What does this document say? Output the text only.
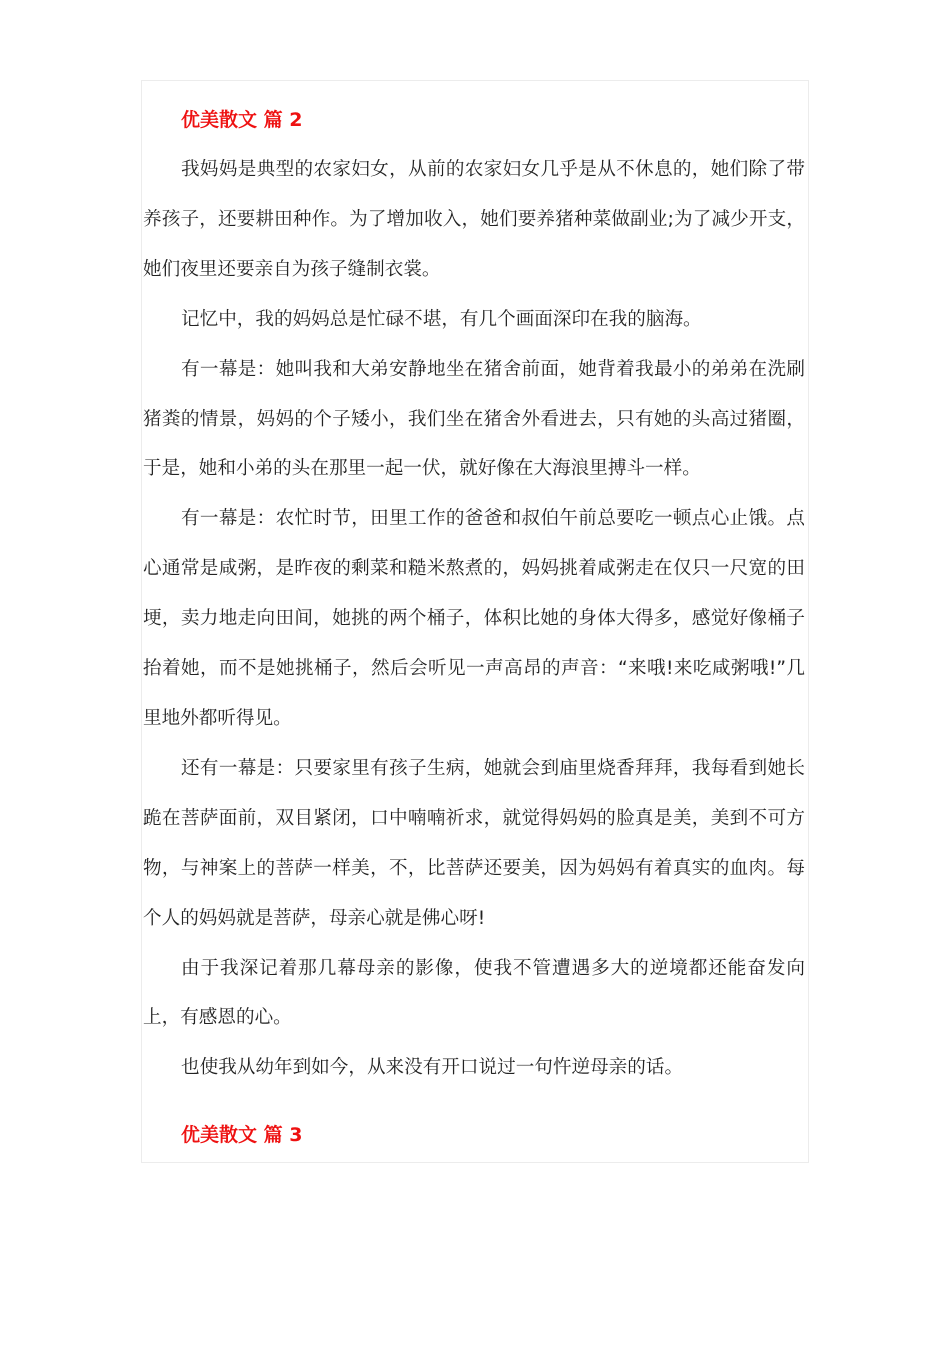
优美散文 篇 2

我妈妈是典型的农家妇女，从前的农家妇女几乎是从不休息的，她们除了带养孩子，还要耕田种作。为了增加收入，她们要养猪种菜做副业;为了减少开支，她们夜里还要亲自为孩子缝制衣裳。

记忆中，我的妈妈总是忙碌不堪，有几个画面深印在我的脑海。

有一幕是：她叫我和大弟安静地坐在猪舍前面，她背着我最小的弟弟在洗刷猪粪的情景，妈妈的个子矮小，我们坐在猪舍外看进去，只有她的头高过猪圈，于是，她和小弟的头在那里一起一伏，就好像在大海浪里搏斗一样。

有一幕是：农忙时节，田里工作的爸爸和叔伯午前总要吃一顿点心止饿。点心通常是咸粥，是昨夜的剩菜和糙米熬煮的，妈妈挑着咸粥走在仅只一尺宽的田埂，卖力地走向田间，她挑的两个桶子，体积比她的身体大得多，感觉好像桶子抬着她，而不是她挑桶子，然后会听见一声高昂的声音：“来哦!来吃咸粥哦!”几里地外都听得见。

还有一幕是：只要家里有孩子生病，她就会到庙里烧香拜拜，我每看到她长跪在菩萨面前，双目紧闭，口中喃喃祈求，就觉得妈妈的脸真是美，美到不可方物，与神案上的菩萨一样美，不，比菩萨还要美，因为妈妈有着真实的血肉。每个人的妈妈就是菩萨，母亲心就是佛心呀!

由于我深记着那几幕母亲的影像，使我不管遭遇多大的逆境都还能奋发向上，有感恩的心。

也使我从幼年到如今，从来没有开口说过一句忤逆母亲的话。

优美散文 篇 3
